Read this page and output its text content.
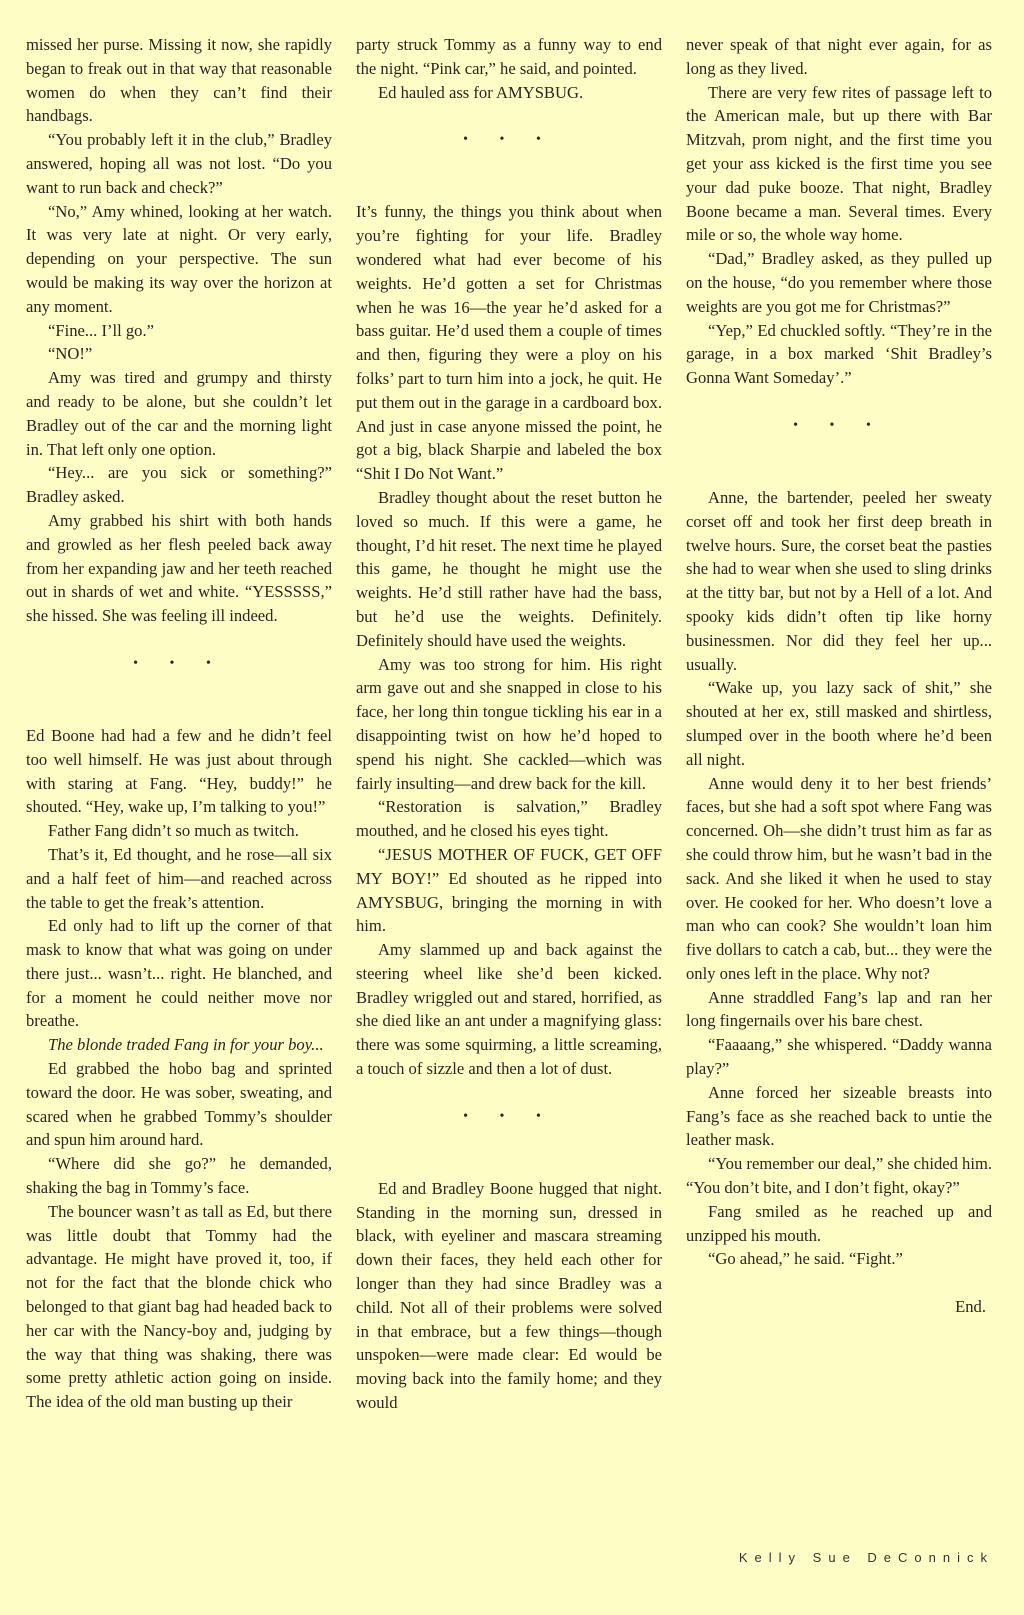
missed her purse. Missing it now, she rapidly began to freak out in that way that reasonable women do when they can’t find their handbags.

“You probably left it in the club,” Bradley answered, hoping all was not lost. “Do you want to run back and check?”

“No,” Amy whined, looking at her watch. It was very late at night. Or very early, depending on your perspective. The sun would be making its way over the horizon at any moment.

“Fine... I’ll go.”

“NO!”

Amy was tired and grumpy and thirsty and ready to be alone, but she couldn’t let Bradley out of the car and the morning light in. That left only one option.

“Hey... are you sick or something?” Bradley asked.

Amy grabbed his shirt with both hands and growled as her flesh peeled back away from her expanding jaw and her teeth reached out in shards of wet and white. “YESSSSS,” she hissed. She was feeling ill indeed.

• • •

Ed Boone had had a few and he didn’t feel too well himself. He was just about through with staring at Fang. “Hey, buddy!” he shouted. “Hey, wake up, I’m talking to you!”

Father Fang didn’t so much as twitch.

That’s it, Ed thought, and he rose—all six and a half feet of him—and reached across the table to get the freak’s attention.

Ed only had to lift up the corner of that mask to know that what was going on under there just... wasn’t... right. He blanched, and for a moment he could neither move nor breathe.

The blonde traded Fang in for your boy...

Ed grabbed the hobo bag and sprinted toward the door. He was sober, sweating, and scared when he grabbed Tommy’s shoulder and spun him around hard.

“Where did she go?” he demanded, shaking the bag in Tommy’s face.

The bouncer wasn’t as tall as Ed, but there was little doubt that Tommy had the advantage. He might have proved it, too, if not for the fact that the blonde chick who belonged to that giant bag had headed back to her car with the Nancy-boy and, judging by the way that thing was shaking, there was some pretty athletic action going on inside. The idea of the old man busting up their

party struck Tommy as a funny way to end the night. “Pink car,” he said, and pointed.

Ed hauled ass for AMYSBUG.

• • •

It’s funny, the things you think about when you’re fighting for your life. Bradley wondered what had ever become of his weights. He’d gotten a set for Christmas when he was 16—the year he’d asked for a bass guitar. He’d used them a couple of times and then, figuring they were a ploy on his folks’ part to turn him into a jock, he quit. He put them out in the garage in a cardboard box. And just in case anyone missed the point, he got a big, black Sharpie and labeled the box “Shit I Do Not Want.”

Bradley thought about the reset button he loved so much. If this were a game, he thought, I’d hit reset. The next time he played this game, he thought he might use the weights. He’d still rather have had the bass, but he’d use the weights. Definitely. Definitely should have used the weights.

Amy was too strong for him. His right arm gave out and she snapped in close to his face, her long thin tongue tickling his ear in a disappointing twist on how he’d hoped to spend his night. She cackled—which was fairly insulting—and drew back for the kill.

“Restoration is salvation,” Bradley mouthed, and he closed his eyes tight.

“JESUS MOTHER OF FUCK, GET OFF MY BOY!” Ed shouted as he ripped into AMYSBUG, bringing the morning in with him.

Amy slammed up and back against the steering wheel like she’d been kicked. Bradley wriggled out and stared, horrified, as she died like an ant under a magnifying glass: there was some squirming, a little screaming, a touch of sizzle and then a lot of dust.

• • •

Ed and Bradley Boone hugged that night. Standing in the morning sun, dressed in black, with eyeliner and mascara streaming down their faces, they held each other for longer than they had since Bradley was a child. Not all of their problems were solved in that embrace, but a few things—though unspoken—were made clear: Ed would be moving back into the family home; and they would

never speak of that night ever again, for as long as they lived.

There are very few rites of passage left to the American male, but up there with Bar Mitzvah, prom night, and the first time you get your ass kicked is the first time you see your dad puke booze. That night, Bradley Boone became a man. Several times. Every mile or so, the whole way home.

“Dad,” Bradley asked, as they pulled up on the house, “do you remember where those weights are you got me for Christmas?”

“Yep,” Ed chuckled softly. “They’re in the garage, in a box marked ‘Shit Bradley’s Gonna Want Someday’.”

• • •

Anne, the bartender, peeled her sweaty corset off and took her first deep breath in twelve hours. Sure, the corset beat the pasties she had to wear when she used to sling drinks at the titty bar, but not by a Hell of a lot. And spooky kids didn’t often tip like horny businessmen. Nor did they feel her up... usually.

“Wake up, you lazy sack of shit,” she shouted at her ex, still masked and shirtless, slumped over in the booth where he’d been all night.

Anne would deny it to her best friends’ faces, but she had a soft spot where Fang was concerned. Oh—she didn’t trust him as far as she could throw him, but he wasn’t bad in the sack. And she liked it when he used to stay over. He cooked for her. Who doesn’t love a man who can cook? She wouldn’t loan him five dollars to catch a cab, but... they were the only ones left in the place. Why not?

Anne straddled Fang’s lap and ran her long fingernails over his bare chest.

“Faaaang,” she whispered. “Daddy wanna play?”

Anne forced her sizeable breasts into Fang’s face as she reached back to untie the leather mask.

“You remember our deal,” she chided him. “You don’t bite, and I don’t fight, okay?”

Fang smiled as he reached up and unzipped his mouth.

“Go ahead,” he said. “Fight.”

End.

Kelly Sue DeConnick
